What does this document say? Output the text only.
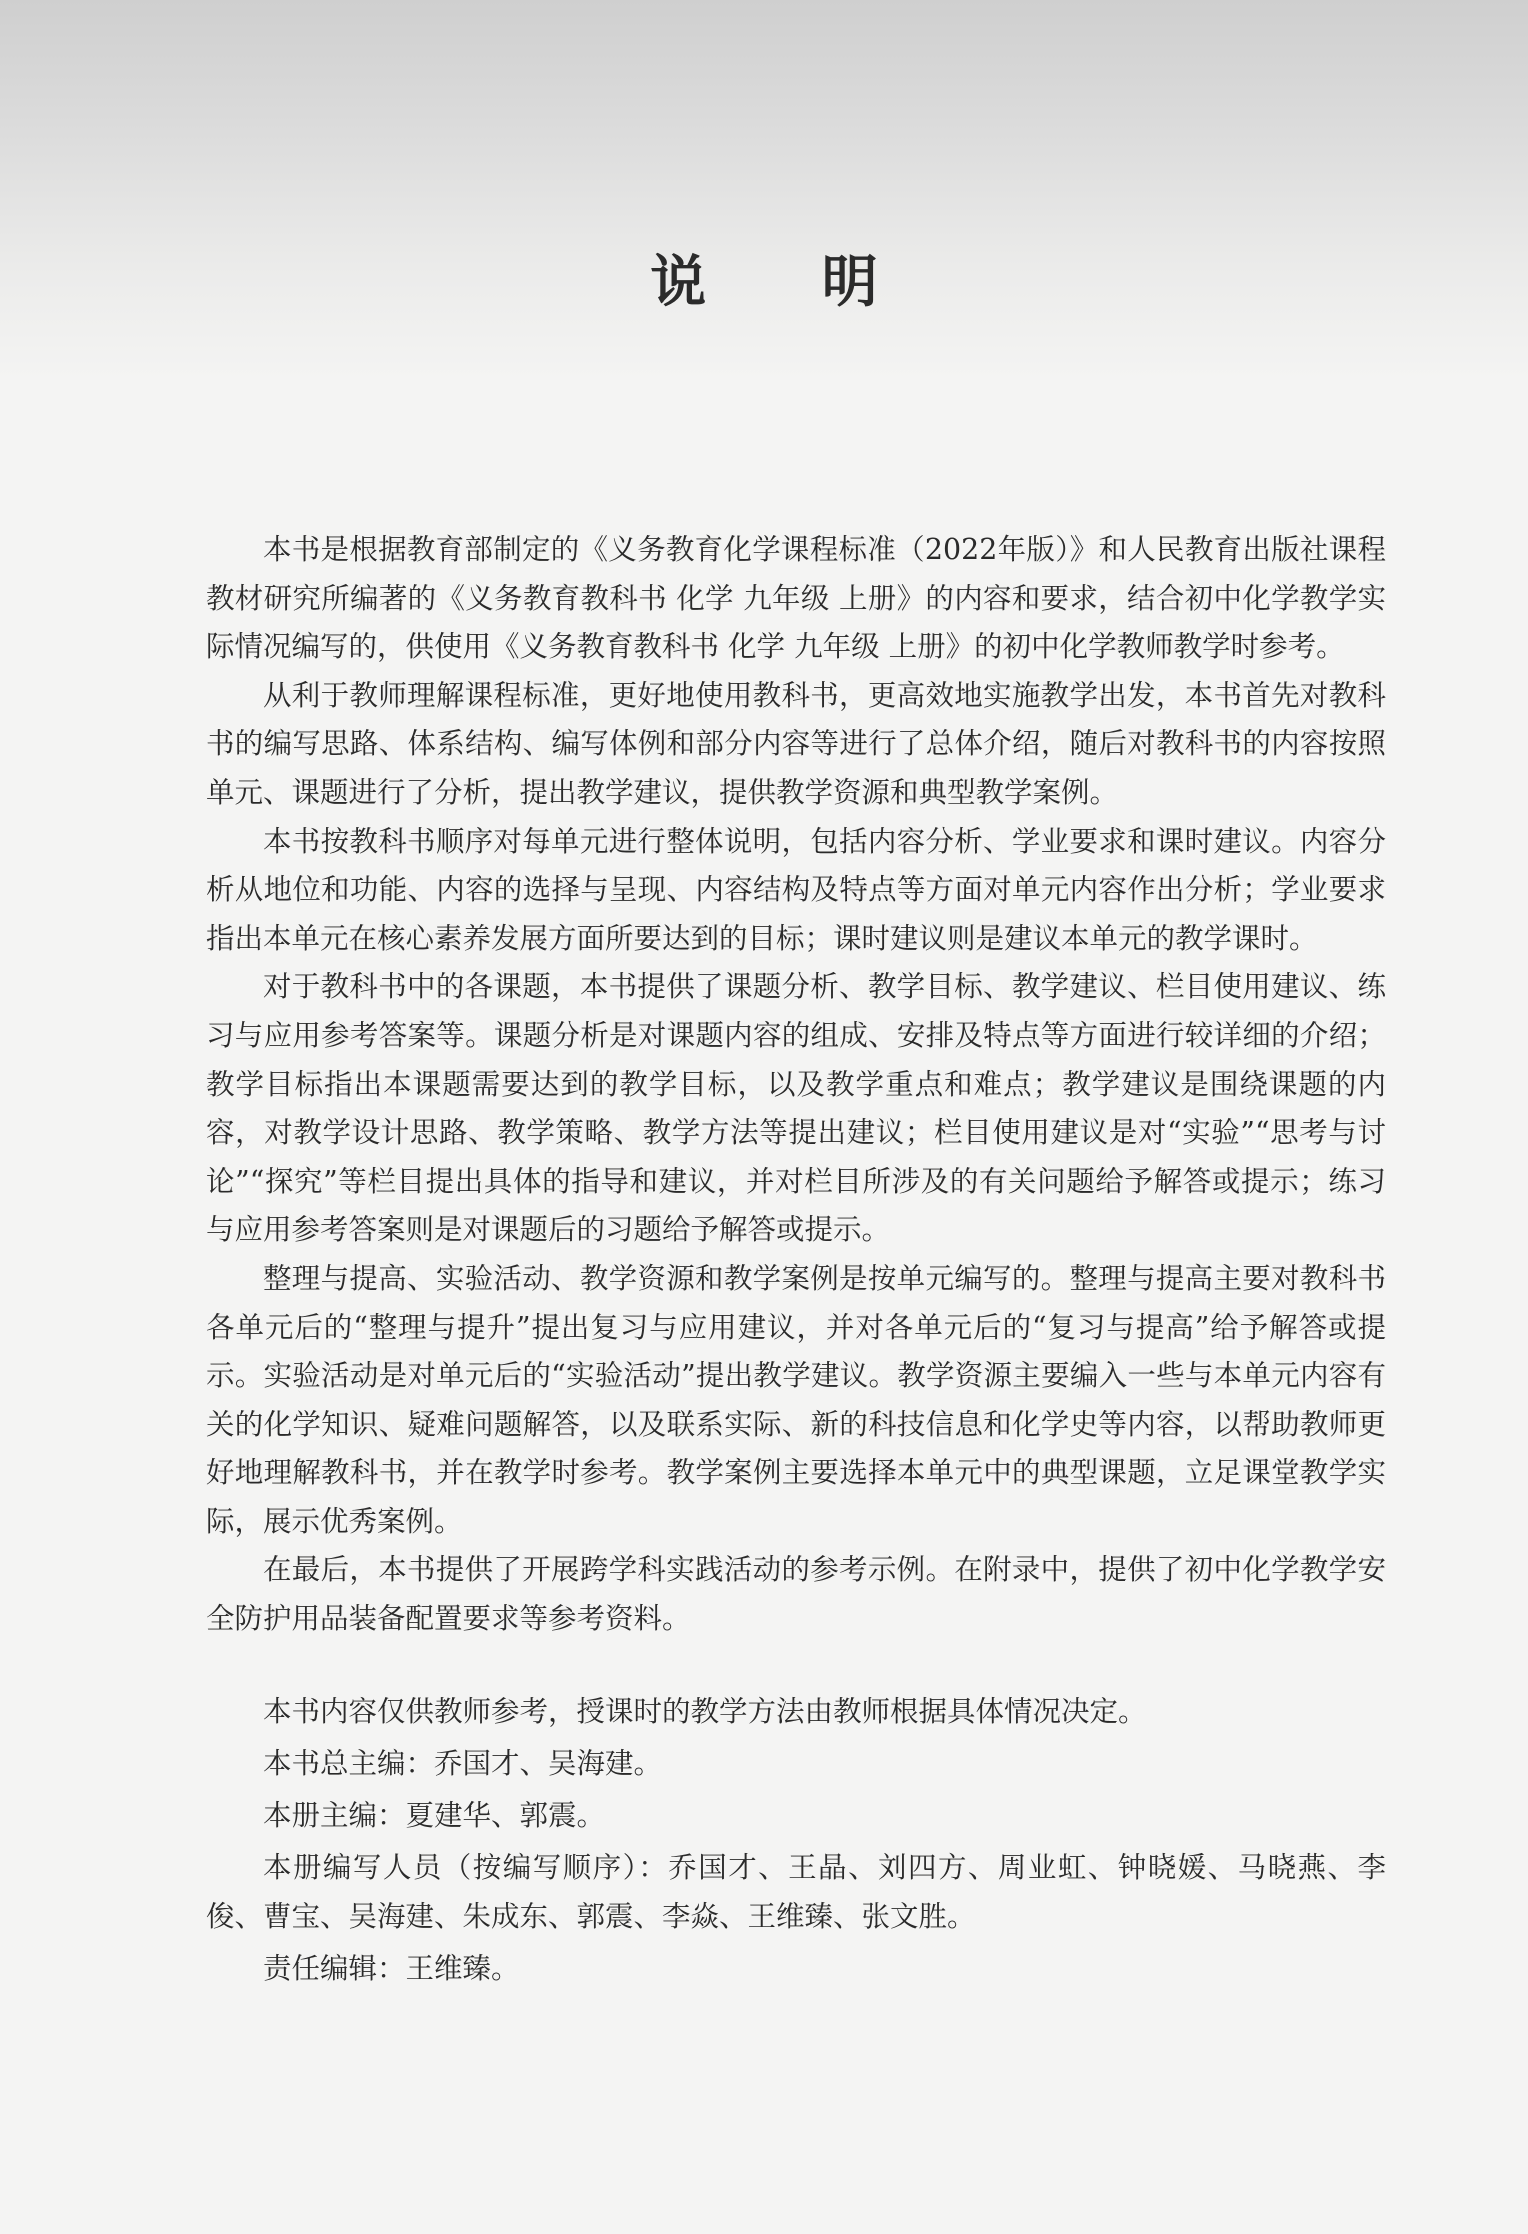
说 明

本书是根据教育部制定的《义务教育化学课程标准（2022年版）》和人民教育出版社课程教材研究所编著的《义务教育教科书 化学 九年级 上册》的内容和要求，结合初中化学教学实际情况编写的，供使用《义务教育教科书 化学 九年级 上册》的初中化学教师教学时参考。

从利于教师理解课程标准，更好地使用教科书，更高效地实施教学出发，本书首先对教科书的编写思路、体系结构、编写体例和部分内容等进行了总体介绍，随后对教科书的内容按照单元、课题进行了分析，提出教学建议，提供教学资源和典型教学案例。

本书按教科书顺序对每单元进行整体说明，包括内容分析、学业要求和课时建议。内容分析从地位和功能、内容的选择与呈现、内容结构及特点等方面对单元内容作出分析；学业要求指出本单元在核心素养发展方面所要达到的目标；课时建议则是建议本单元的教学课时。

对于教科书中的各课题，本书提供了课题分析、教学目标、教学建议、栏目使用建议、练习与应用参考答案等。课题分析是对课题内容的组成、安排及特点等方面进行较详细的介绍；教学目标指出本课题需要达到的教学目标，以及教学重点和难点；教学建议是围绕课题的内容，对教学设计思路、教学策略、教学方法等提出建议；栏目使用建议是对“实验”“思考与讨论”“探究”等栏目提出具体的指导和建议，并对栏目所涉及的有关问题给予解答或提示；练习与应用参考答案则是对课题后的习题给予解答或提示。

整理与提高、实验活动、教学资源和教学案例是按单元编写的。整理与提高主要对教科书各单元后的“整理与提升”提出复习与应用建议，并对各单元后的“复习与提高”给予解答或提示。实验活动是对单元后的“实验活动”提出教学建议。教学资源主要编入一些与本单元内容有关的化学知识、疑难问题解答，以及联系实际、新的科技信息和化学史等内容，以帮助教师更好地理解教科书，并在教学时参考。教学案例主要选择本单元中的典型课题，立足课堂教学实际，展示优秀案例。

在最后，本书提供了开展跨学科实践活动的参考示例。在附录中，提供了初中化学教学安全防护用品装备配置要求等参考资料。

本书内容仅供教师参考，授课时的教学方法由教师根据具体情况决定。

本书总主编：乔国才、吴海建。

本册主编：夏建华、郭震。

本册编写人员（按编写顺序）：乔国才、王晶、刘四方、周业虹、钟晓媛、马晓燕、李俊、曹宝、吴海建、朱成东、郭震、李焱、王维臻、张文胜。

责任编辑：王维臻。
